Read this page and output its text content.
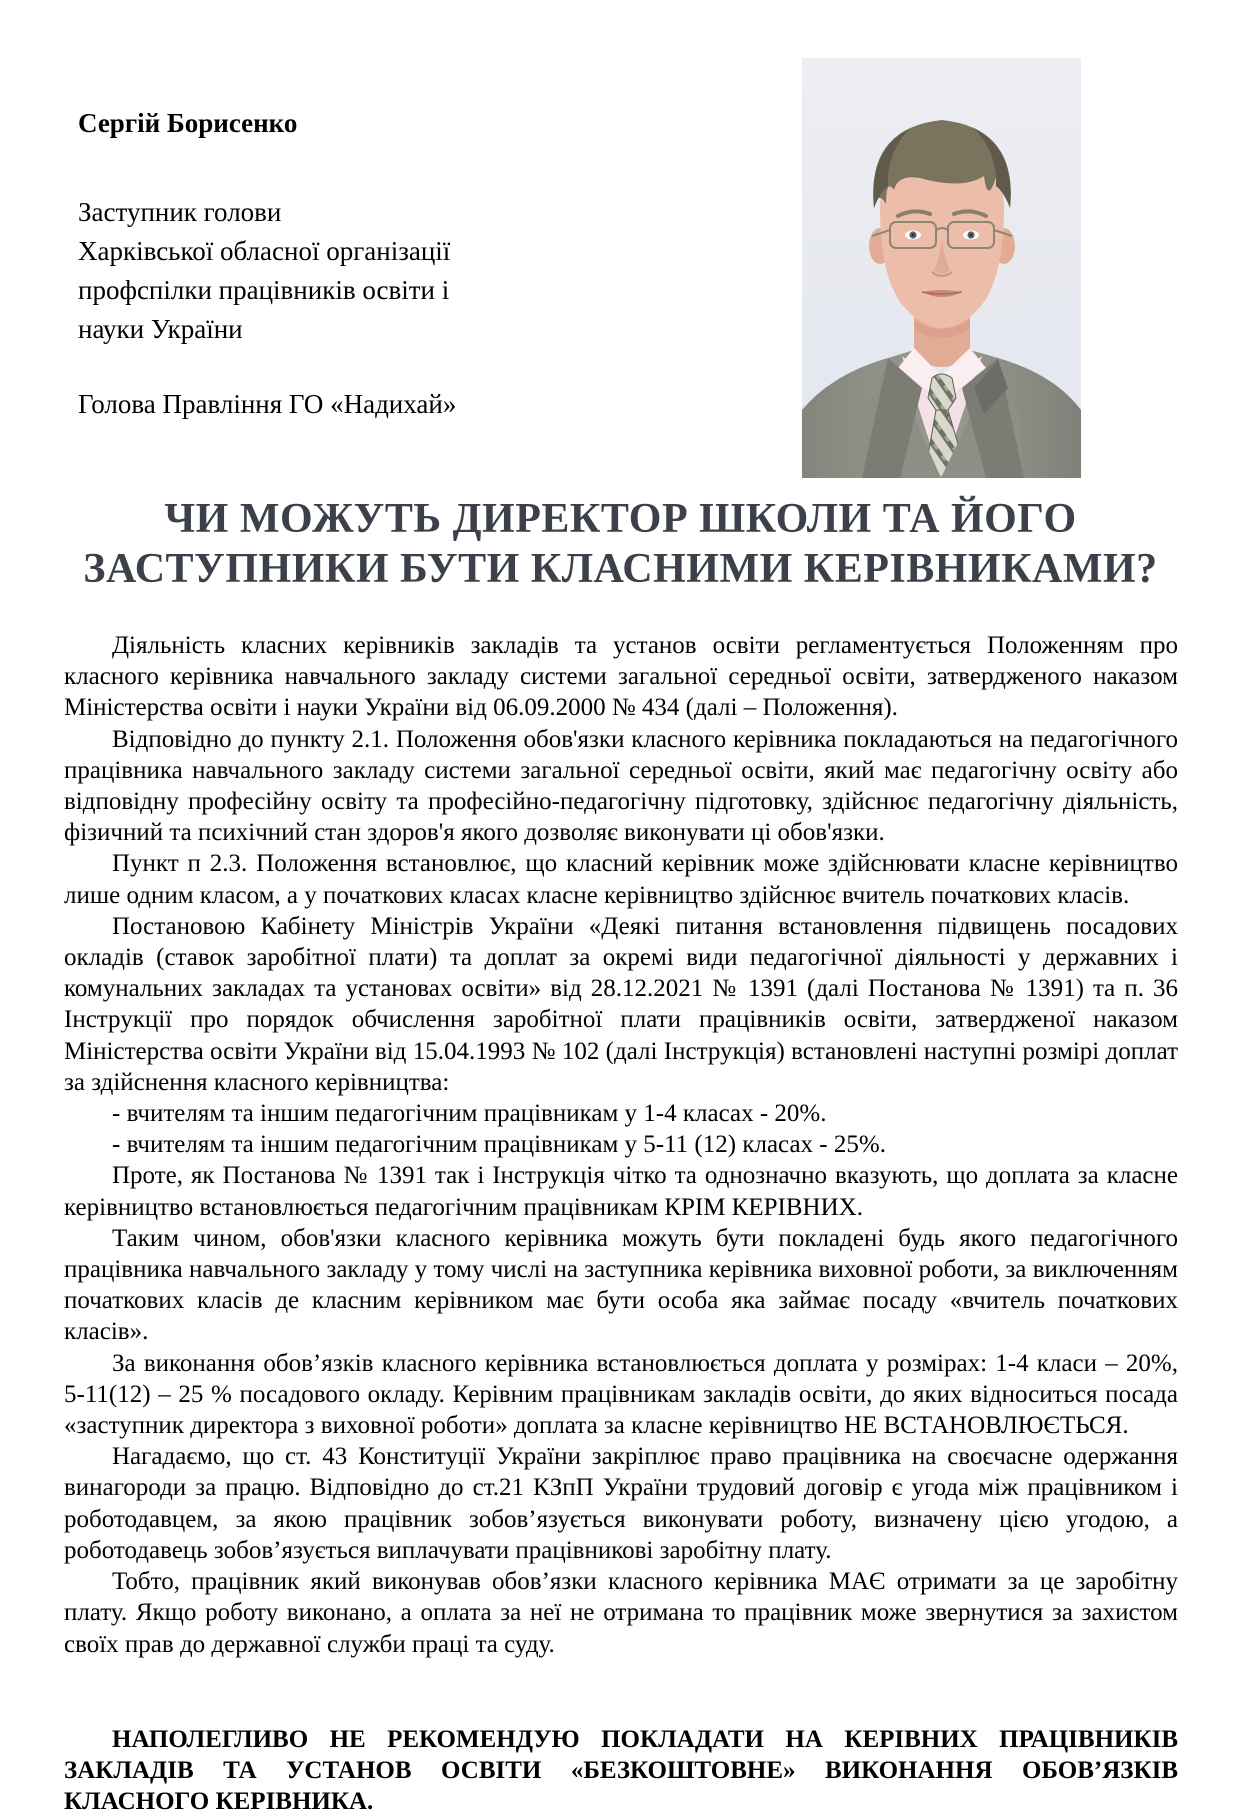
Сергій Борисенко
Заступник голови
Харківської обласної організації
профспілки працівників освіти і
науки України
Голова Правління ГО «Надихай»
ЧИ МОЖУТЬ ДИРЕКТОР ШКОЛИ ТА ЙОГО
ЗАСТУПНИКИ БУТИ КЛАСНИМИ КЕРІВНИКАМИ?

Діяльність класних керівників закладів та установ освіти регламентується Положенням про класного керівника навчального закладу системи загальної середньої освіти, затвердженого наказом Міністерства освіти і науки України від 06.09.2000 № 434 (далі – Положення).

Відповідно до пункту 2.1. Положення обов'язки класного керівника покладаються на педагогічного працівника навчального закладу системи загальної середньої освіти, який має педагогічну освіту або відповідну професійну освіту та професійно-педагогічну підготовку, здійснює педагогічну діяльність, фізичний та психічний стан здоров'я якого дозволяє виконувати ці обов'язки.

Пункт п 2.3. Положення встановлює, що класний керівник може здійснювати класне керівництво лише одним класом, а у початкових класах класне керівництво здійснює вчитель початкових класів.

Постановою Кабінету Міністрів України «Деякі питання встановлення підвищень посадових окладів (ставок заробітної плати) та доплат за окремі види педагогічної діяльності у державних і комунальних закладах та установах освіти» від 28.12.2021 № 1391 (далі Постанова № 1391) та п. 36 Інструкції про порядок обчислення заробітної плати працівників освіти, затвердженої наказом Міністерства освіти України від 15.04.1993 № 102 (далі Інструкція) встановлені наступні розмірі доплат за здійснення класного керівництва:

- вчителям та іншим педагогічним працівникам у 1-4 класах - 20%.

- вчителям та іншим педагогічним працівникам у 5-11 (12) класах - 25%.

Проте, як Постанова № 1391 так і Інструкція чітко та однозначно вказують, що доплата за класне керівництво встановлюється педагогічним працівникам КРІМ КЕРІВНИХ.

Таким чином, обов'язки класного керівника можуть бути покладені будь якого педагогічного працівника навчального закладу у тому числі на заступника керівника виховної роботи, за виключенням початкових класів де класним керівником має бути особа яка займає посаду «вчитель початкових класів».

За виконання обов’язків класного керівника встановлюється доплата у розмірах: 1-4 класи – 20%, 5-11(12) – 25 % посадового окладу. Керівним працівникам закладів освіти, до яких відноситься посада «заступник директора з виховної роботи» доплата за класне керівництво НЕ ВСТАНОВЛЮЄТЬСЯ.

Нагадаємо, що ст. 43 Конституції України закріплює право працівника на своєчасне одержання винагороди за працю. Відповідно до ст.21 КЗпП України трудовий договір є угода між працівником і роботодавцем, за якою працівник зобов’язується виконувати роботу, визначену цією угодою, а роботодавець зобов’язується виплачувати працівникові заробітну плату.

Тобто, працівник який виконував обов’язки класного керівника МАЄ отримати за це заробітну плату. Якщо роботу виконано, а оплата за неї не отримана то працівник може звернутися за захистом своїх прав до державної служби праці та суду.

НАПОЛЕГЛИВО НЕ РЕКОМЕНДУЮ ПОКЛАДАТИ НА КЕРІВНИХ ПРАЦІВНИКІВ ЗАКЛАДІВ ТА УСТАНОВ ОСВІТИ «БЕЗКОШТОВНЕ» ВИКОНАННЯ ОБОВ’ЯЗКІВ КЛАСНОГО КЕРІВНИКА.
